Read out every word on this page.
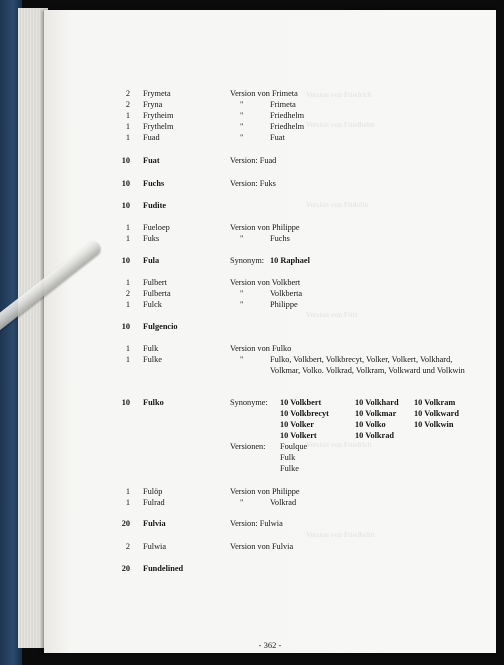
Version von Friedrich
Version von Friedhelm
Version von Fridolin
Version von Fritz
Version von Friedrich
Version von Friedhelm
2 Frymeta	Version von Frimeta
2 Fryna	"	Frimeta
1 Frytheim	"	Friedhelm
1 Frythelm	"	Friedhelm
1 Fuad	"	Fuat
10 Fuat	Version: Fuad
10 Fuchs	Version: Fuks
10 Fudite
1 Fuelоер	Version von Philippe
1 Fuks	"	Fuchs
10 Fula	Synonym: 10 Raphael
1 Fulbert	Version von Volkbert
2 Fulberta	"	Volkberta
1 Fulck	"	Philippe
10 Fulgencio
1 Fulk	Version von Fulko
1 Fulke	"	Fulko, Volkbert, Volkbrecyt, Volker, Volkert, Volkhard, Volkmar, Volko. Volkrad, Volkram, Volkward und Volkwin
10 Fulko	Synonyme: 10 Volkbert	10 Volkhard 10 Volkram
10 Volkbrecyt	10 Volkmar 10 Volkward
10 Volker	10 Volko	10 Volkwin
10 Volkert	10 Volkrad
Versionen: Foulque
Fulk
Fulke
1 Fulöp	Version von Philippe
1 Fulrad	"	Volkrad
20 Fulvia	Version: Fulwia
2 Fulwia	Version von Fulvia
20 Fundelined
- 362 -
